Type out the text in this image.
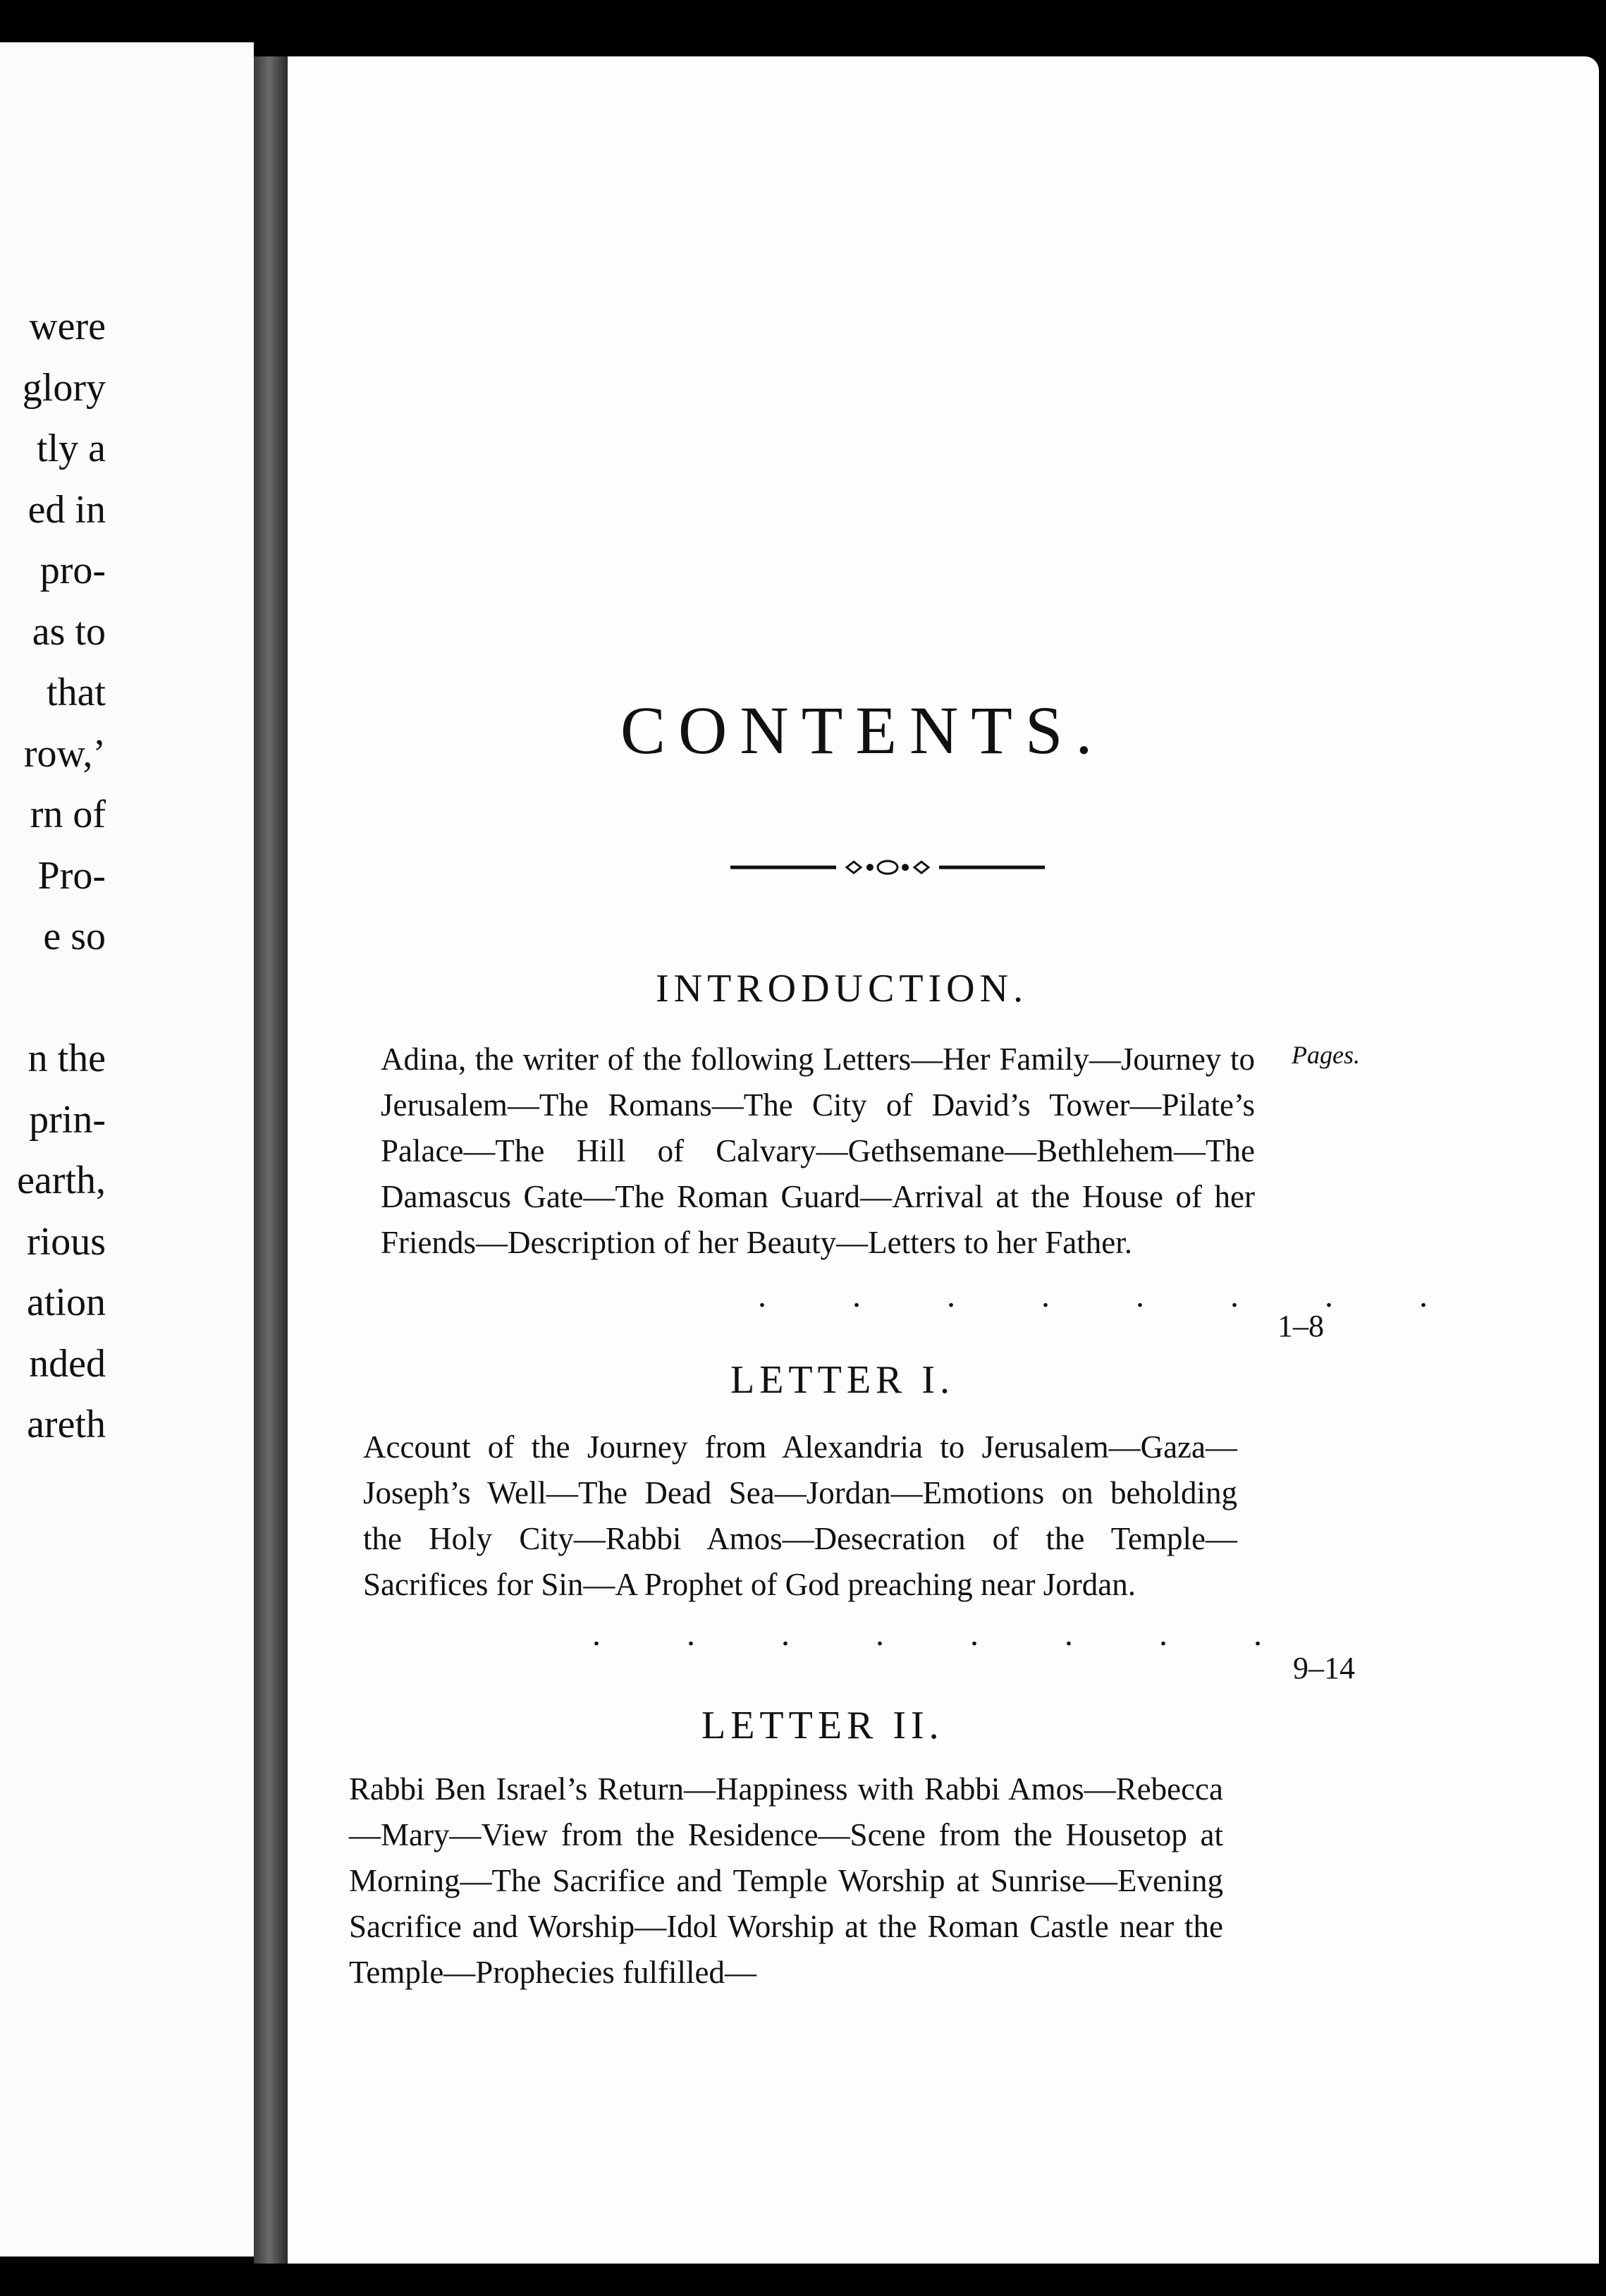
were
glory
tly a
ed in
pro-
as to
that
row,’
rn of
Pro-
e so

n the
prin-
earth,
rious
ation
nded
areth
CONTENTS.
Pages.
INTRODUCTION.
Adina, the writer of the following Letters—Her Family—Journey to Jerusalem—The Romans—The City of David’s Tower—Pilate’s Palace—The Hill of Calvary—Gethsemane—Bethlehem—The Damascus Gate—The Roman Guard—Arrival at the House of her Friends—Description of her Beauty—Letters to her Father.
. . . . . . . .
1–8
LETTER I.
Account of the Journey from Alexandria to Jerusalem—Gaza—Joseph’s Well—The Dead Sea—Jordan—Emotions on beholding the Holy City—Rabbi Amos—Desecration of the Temple—Sacrifices for Sin—A Prophet of God preaching near Jordan.
. . . . . . . .
9–14
LETTER II.
Rabbi Ben Israel’s Return—Happiness with Rabbi Amos—Rebecca—Mary—View from the Residence—Scene from the Housetop at Morning—The Sacrifice and Temple Worship at Sunrise—Evening Sacrifice and Worship—Idol Worship at the Roman Castle near the Temple—Prophecies fulfilled—
